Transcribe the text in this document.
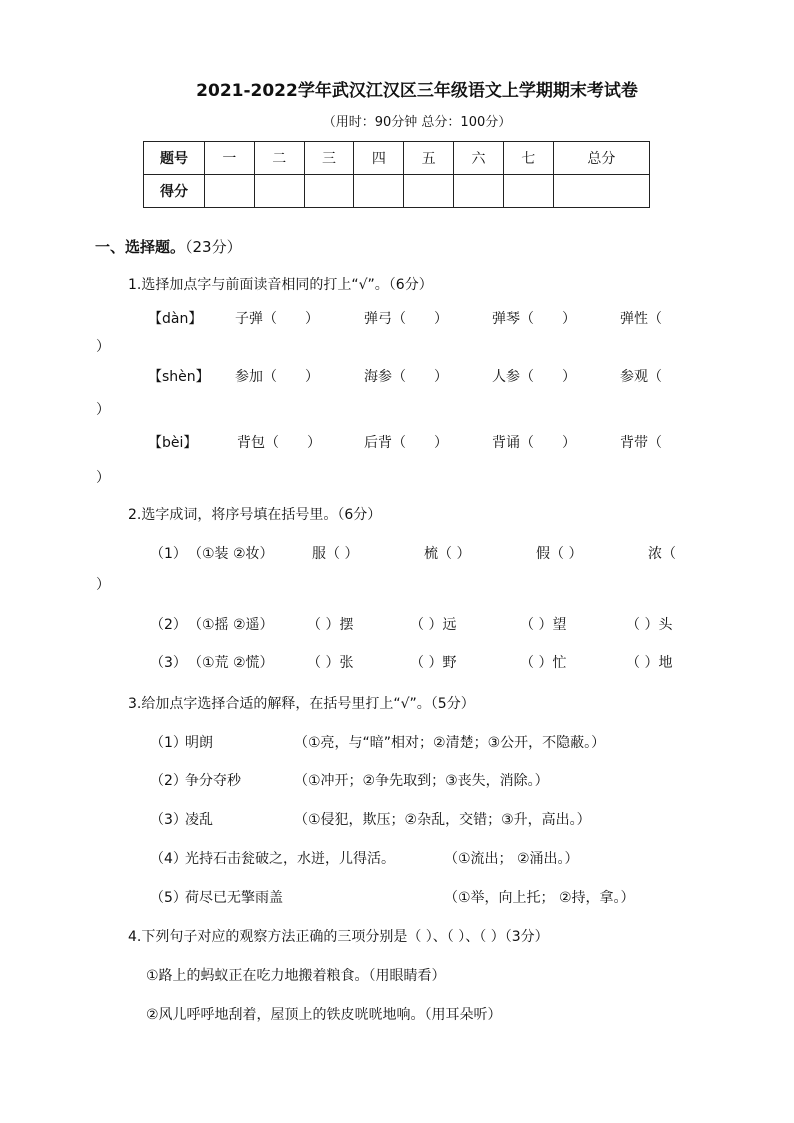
2021-2022学年武汉江汉区三年级语文上学期期末考试卷
（用时：90分钟 总分：100分）
题号	一	二	三	四	五	六	七	总分
得分								
一、选择题。（23分）
1.选择加点字与前面读音相同的打上“√”。（6分）
【dàn】 子弹（ ）	弹弓（ ）	弹琴（ ）	弹性（
）
【shèn】 参加（ ）	海参（ ）	人参（ ）	参观（
）
【bèi】	背包（ ）	后背（ ）	背诵（ ）	背带（
）
2.选字成词，将序号填在括号里。（6分）
（1） （①装 ②妆）	服（ ）	梳（ ）	假（ ）	浓（
）
（2） （①摇 ②遥） （ ）摆	（ ）远	（ ）望	（ ）头
（3） （①荒 ②慌） （ ）张	（ ）野	（ ）忙	（ ）地
3.给加点字选择合适的解释，在括号里打上“√”。（5分）
（1）
明朗	（①亮，与“暗”相对；②清楚；③公开，不隐蔽。）
（2）
争分夺秒	（①冲开；②争先取到；③丧失，消除。）
（3）
凌乱	（①侵犯，欺压；②杂乱，交错；③升，高出。）
（4）
光持石击瓮破之，水迸，儿得活。	（①流出； ②涌出。）
（5）
荷尽已无擎雨盖	（①举，向上托； ②持，拿。）
4.下列句子对应的观察方法正确的三项分别是（ ）、（ ）、（ ）（3分）
①路上的蚂蚁正在吃力地搬着粮食。（用眼睛看）
②风儿呼呼地刮着，屋顶上的铁皮咣咣地响。（用耳朵听）
